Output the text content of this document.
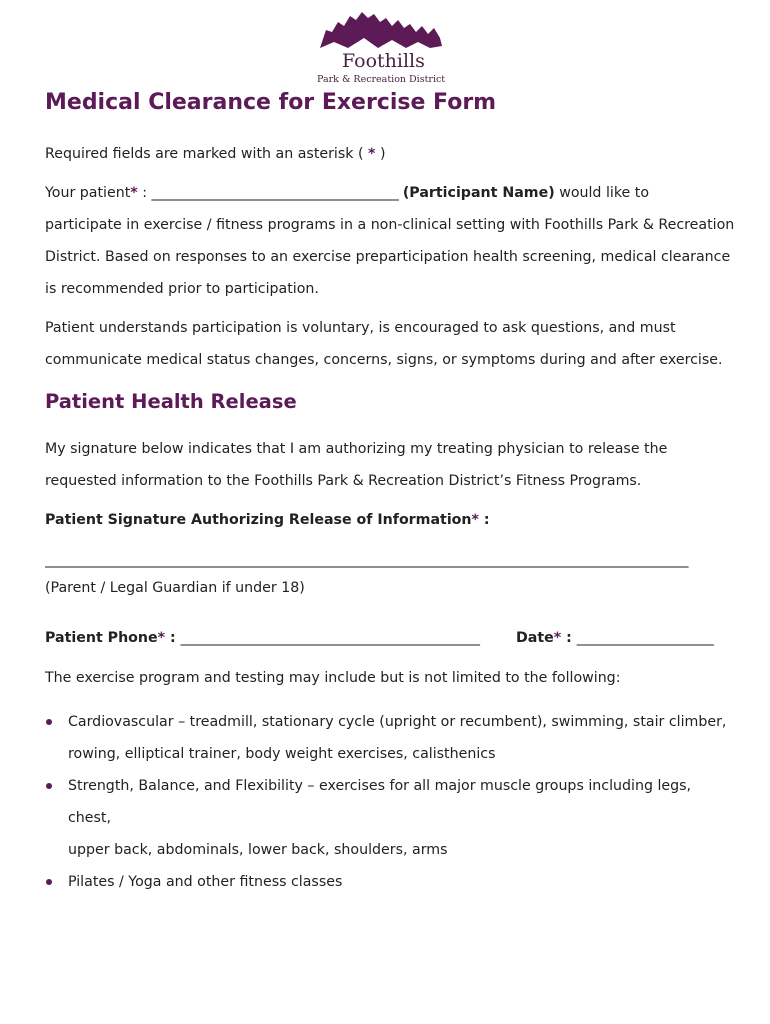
Foothills
Park & Recreation District
Medical Clearance for Exercise Form
Required fields are marked with an asterisk ( * )
Your patient* : ______________________________________ (Participant Name) would like to
participate in exercise / fitness programs in a non-clinical setting with Foothills Park & Recreation
District. Based on responses to an exercise preparticipation health screening, medical clearance
is recommended prior to participation.
Patient understands participation is voluntary, is encouraged to ask questions, and must
communicate medical status changes, concerns, signs, or symptoms during and after exercise.
Patient Health Release
My signature below indicates that I am authorizing my treating physician to release the
requested information to the Foothills Park & Recreation District’s Fitness Programs.
Patient Signature Authorizing Release of Information* :
___________________________________________________________________________________________________
(Parent / Legal Guardian if under 18)
Patient Phone* : ______________________________________________	Date* : _____________________
The exercise program and testing may include but is not limited to the following:
Cardiovascular – treadmill, stationary cycle (upright or recumbent), swimming, stair climber,
rowing, elliptical trainer, body weight exercises, calisthenics
Strength, Balance, and Flexibility – exercises for all major muscle groups including legs, chest,
upper back, abdominals, lower back, shoulders, arms
Pilates / Yoga and other fitness classes
